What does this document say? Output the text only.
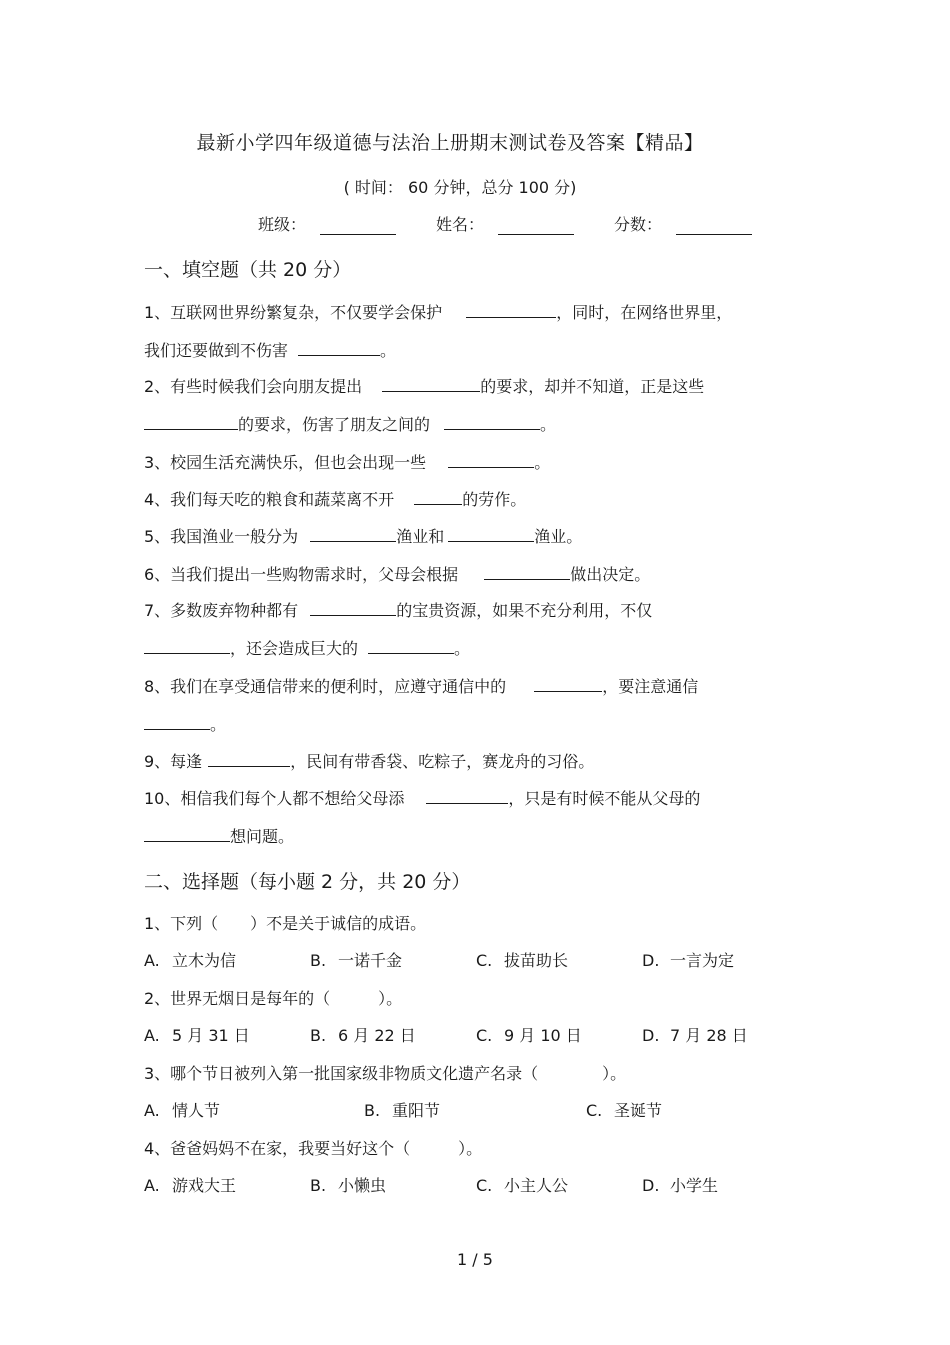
最新小学四年级道德与法治上册期末测试卷及答案【精品】
( 时间： 60 分钟，总分 100 分)
班级：	姓名：	分数：
一、填空题（共 20 分）
1、互联网世界纷繁复杂，不仅要学会保护	，同时，在网络世界里，
我们还要做到不伤害	。
2、有些时候我们会向朋友提出	的要求，却并不知道，正是这些
的要求，伤害了朋友之间的	。
3、校园生活充满快乐，但也会出现一些	。
4、我们每天吃的粮食和蔬菜离不开	的劳作。
5、我国渔业一般分为	渔业和	渔业。
6、当我们提出一些购物需求时，父母会根据	做出决定。
7、多数废弃物种都有	的宝贵资源，如果不充分利用，不仅
，还会造成巨大的	。
8、我们在享受通信带来的便利时，应遵守通信中的	，要注意通信
。
9、每逢	，民间有带香袋、吃粽子，赛龙舟的习俗。
10、相信我们每个人都不想给父母添	，只是有时候不能从父母的
想问题。
二、选择题（每小题 2 分，共 20 分）
1、下列（　　）不是关于诚信的成语。
A. 立木为信	B. 一诺千金	C. 拔苗助长	D. 一言为定
2、世界无烟日是每年的（　　　）。
A. 5 月 31 日	B. 6 月 22 日	C. 9 月 10 日	D. 7 月 28 日
3、哪个节日被列入第一批国家级非物质文化遗产名录（　　　　）。
A. 情人节	B. 重阳节	C. 圣诞节
4、爸爸妈妈不在家，我要当好这个（　　　）。
A. 游戏大王	B. 小懒虫	C. 小主人公	D. 小学生
1 / 5
